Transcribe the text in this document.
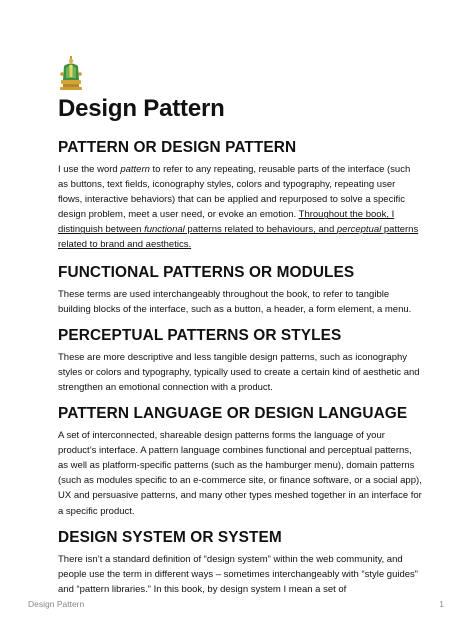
Design Pattern
PATTERN OR DESIGN PATTERN

I use the word pattern to refer to any repeating, reusable parts of the interface (such as buttons, text fields, iconography styles, colors and typography, repeating user flows, interactive behaviors) that can be applied and repurposed to solve a specific design problem, meet a user need, or evoke an emotion. Throughout the book, I distinguish between functional patterns related to behaviours, and perceptual patterns related to brand and aesthetics.

FUNCTIONAL PATTERNS OR MODULES

These terms are used interchangeably throughout the book, to refer to tangible building blocks of the interface, such as a button, a header, a form element, a menu.

PERCEPTUAL PATTERNS OR STYLES

These are more descriptive and less tangible design patterns, such as iconography styles or colors and typography, typically used to create a certain kind of aesthetic and strengthen an emotional connection with a product.

PATTERN LANGUAGE OR DESIGN LANGUAGE

A set of interconnected, shareable design patterns forms the language of your product’s interface. A pattern language combines functional and perceptual patterns, as well as platform-specific patterns (such as the hamburger menu), domain patterns (such as modules specific to an e-commerce site, or finance software, or a social app), UX and persuasive patterns, and many other types meshed together in an interface for a specific product.

DESIGN SYSTEM OR SYSTEM

There isn’t a standard definition of “design system” within the web community, and people use the term in different ways – sometimes interchangeably with “style guides” and “pattern libraries.” In this book, by design system I mean a set of

Design Pattern	1
